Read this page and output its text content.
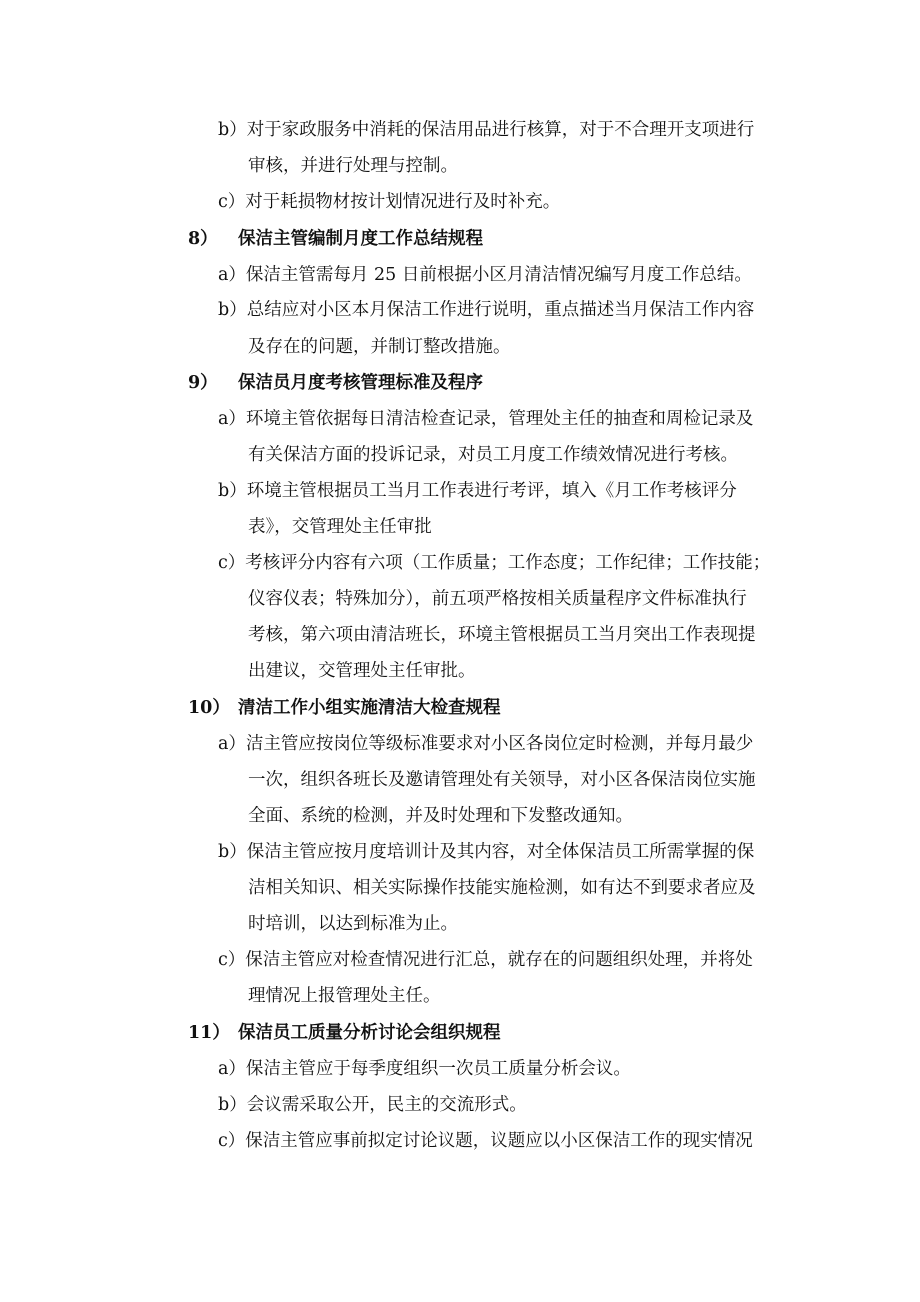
b）对于家政服务中消耗的保洁用品进行核算，对于不合理开支项进行
审核，并进行处理与控制。
c）对于耗损物材按计划情况进行及时补充。
8） 保洁主管编制月度工作总结规程
a）保洁主管需每月 25 日前根据小区月清洁情况编写月度工作总结。
b）总结应对小区本月保洁工作进行说明，重点描述当月保洁工作内容
及存在的问题，并制订整改措施。
9） 保洁员月度考核管理标准及程序
a）环境主管依据每日清洁检查记录，管理处主任的抽查和周检记录及
有关保洁方面的投诉记录，对员工月度工作绩效情况进行考核。
b）环境主管根据员工当月工作表进行考评，填入《月工作考核评分
表》，交管理处主任审批
c）考核评分内容有六项（工作质量；工作态度；工作纪律；工作技能；
仪容仪表；特殊加分），前五项严格按相关质量程序文件标准执行
考核，第六项由清洁班长，环境主管根据员工当月突出工作表现提
出建议，交管理处主任审批。
10） 清洁工作小组实施清洁大检查规程
a）洁主管应按岗位等级标准要求对小区各岗位定时检测，并每月最少
一次，组织各班长及邀请管理处有关领导，对小区各保洁岗位实施
全面、系统的检测，并及时处理和下发整改通知。
b）保洁主管应按月度培训计及其内容，对全体保洁员工所需掌握的保
洁相关知识、相关实际操作技能实施检测，如有达不到要求者应及
时培训，以达到标准为止。
c）保洁主管应对检查情况进行汇总，就存在的问题组织处理，并将处
理情况上报管理处主任。
11） 保洁员工质量分析讨论会组织规程
a）保洁主管应于每季度组织一次员工质量分析会议。
b）会议需采取公开，民主的交流形式。
c）保洁主管应事前拟定讨论议题，议题应以小区保洁工作的现实情况
